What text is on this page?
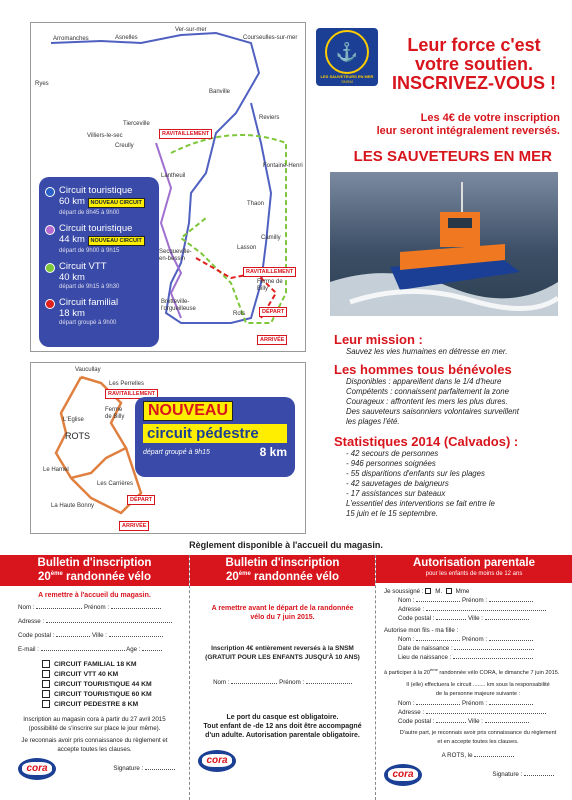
Arromanches	Asnelles
Ver-sur-mer
Courseulles-sur-mer
Ryes
Banville
Reviers
Tierceville
Villiers-le-sec
Creully
Fontaine-Henri
Lantheuil
Thaon
Lasson
Camilly
Secqueville-en-bessin
Ferme de Billy
Bretteville-l'orgueilleuse
Rots
RAVITAILLEMENT
RAVITAILLEMENT
DÉPART
ARRIVÉE
Circuit touristique
60 km NOUVEAU CIRCUIT
départ de 8h45 à 9h00
Circuit touristique
44 km NOUVEAU CIRCUIT
départ de 9h00 à 9h15
Circuit VTT
40 km
départ de 9h15 à 9h30
Circuit familial
18 km
départ groupé à 9h00
Vaucullay
Les Perrelles
Ferme de Billy
L'Eglise
ROTS
Le Hamel
Les Carrières
La Haute Bonny
RAVITAILLEMENT
DÉPART
ARRIVÉE
NOUVEAU
circuit pédestre
départ groupé à 9h15	8 km
⚓
LES SAUVETEURS EN MER
SNSM
Leur force c'est
votre soutien.
INSCRIVEZ-VOUS !
Les 4€ de votre inscription
leur seront intégralement reversés.
LES SAUVETEURS EN MER
Leur mission :
Sauvez les vies humaines en détresse en mer.
Les hommes tous bénévoles
Disponibles : appareillent dans le 1/4 d'heure
Compétents : connaissent parfaitement la zone
Courageux : affrontent les mers les plus dures.
Des sauveteurs saisonniers volontaires surveillent
les plages l'été.
Statistiques 2014 (Calvados) :
- 42 secours de personnes
- 946 personnes soignées
- 55 disparitions d'enfants sur les plages
- 42 sauvetages de baigneurs
- 17 assistances sur bateaux
L'essentiel des interventions se fait entre le
15 juin et le 15 septembre.
Règlement disponible à l'accueil du magasin.
Bulletin d'inscription
20ème randonnée vélo
A remettre à l'accueil du magasin.
Nom :	Prénom :
Adresse :
Code postal :	Ville :
E-mail :	Age :
CIRCUIT FAMILIAL 18 KM
CIRCUIT VTT 40 KM
CIRCUIT TOURISTIQUE 44 KM
CIRCUIT TOURISTIQUE 60 KM
CIRCUIT PEDESTRE 8 KM
Inscription au magasin cora à partir du 27 avril 2015
(possibilité de s'inscrire sur place le jour même).
Je reconnais avoir pris connaissance du règlement et
accepte toutes les clauses.
cora	Signature :
Bulletin d'inscription
20ème randonnée vélo
A remettre avant le départ de la randonnée
vélo du 7 juin 2015.
Inscription 4€ entièrement reversés à la SNSM
(GRATUIT POUR LES ENFANTS JUSQU'À 10 ANS)
Nom :	Prénom :
Le port du casque est obligatoire.
Tout enfant de -de 12 ans doit être accompagné
d'un adulte. Autorisation parentale obligatoire.
cora
Autorisation parentale
pour les enfants de moins de 12 ans
Je soussigné : M. Mme
Nom :	Prénom :
Adresse :
Code postal :	Ville :
Autorise mon fils - ma fille :
Nom :	Prénom :
Date de naissance :
Lieu de naissance :
à participer à la 20ème randonnée vélo CORA, le dimanche 7 juin 2015.
Il (elle) effectuera le circuit ........ km sous la responsabilité
de la personne majeure suivante :
Nom :	Prénom :
Adresse :
Code postal :	Ville :
D'autre part, je reconnais avoir pris connaissance du règlement
et en accepte toutes les clauses.
A ROTS, le
cora	Signature :
